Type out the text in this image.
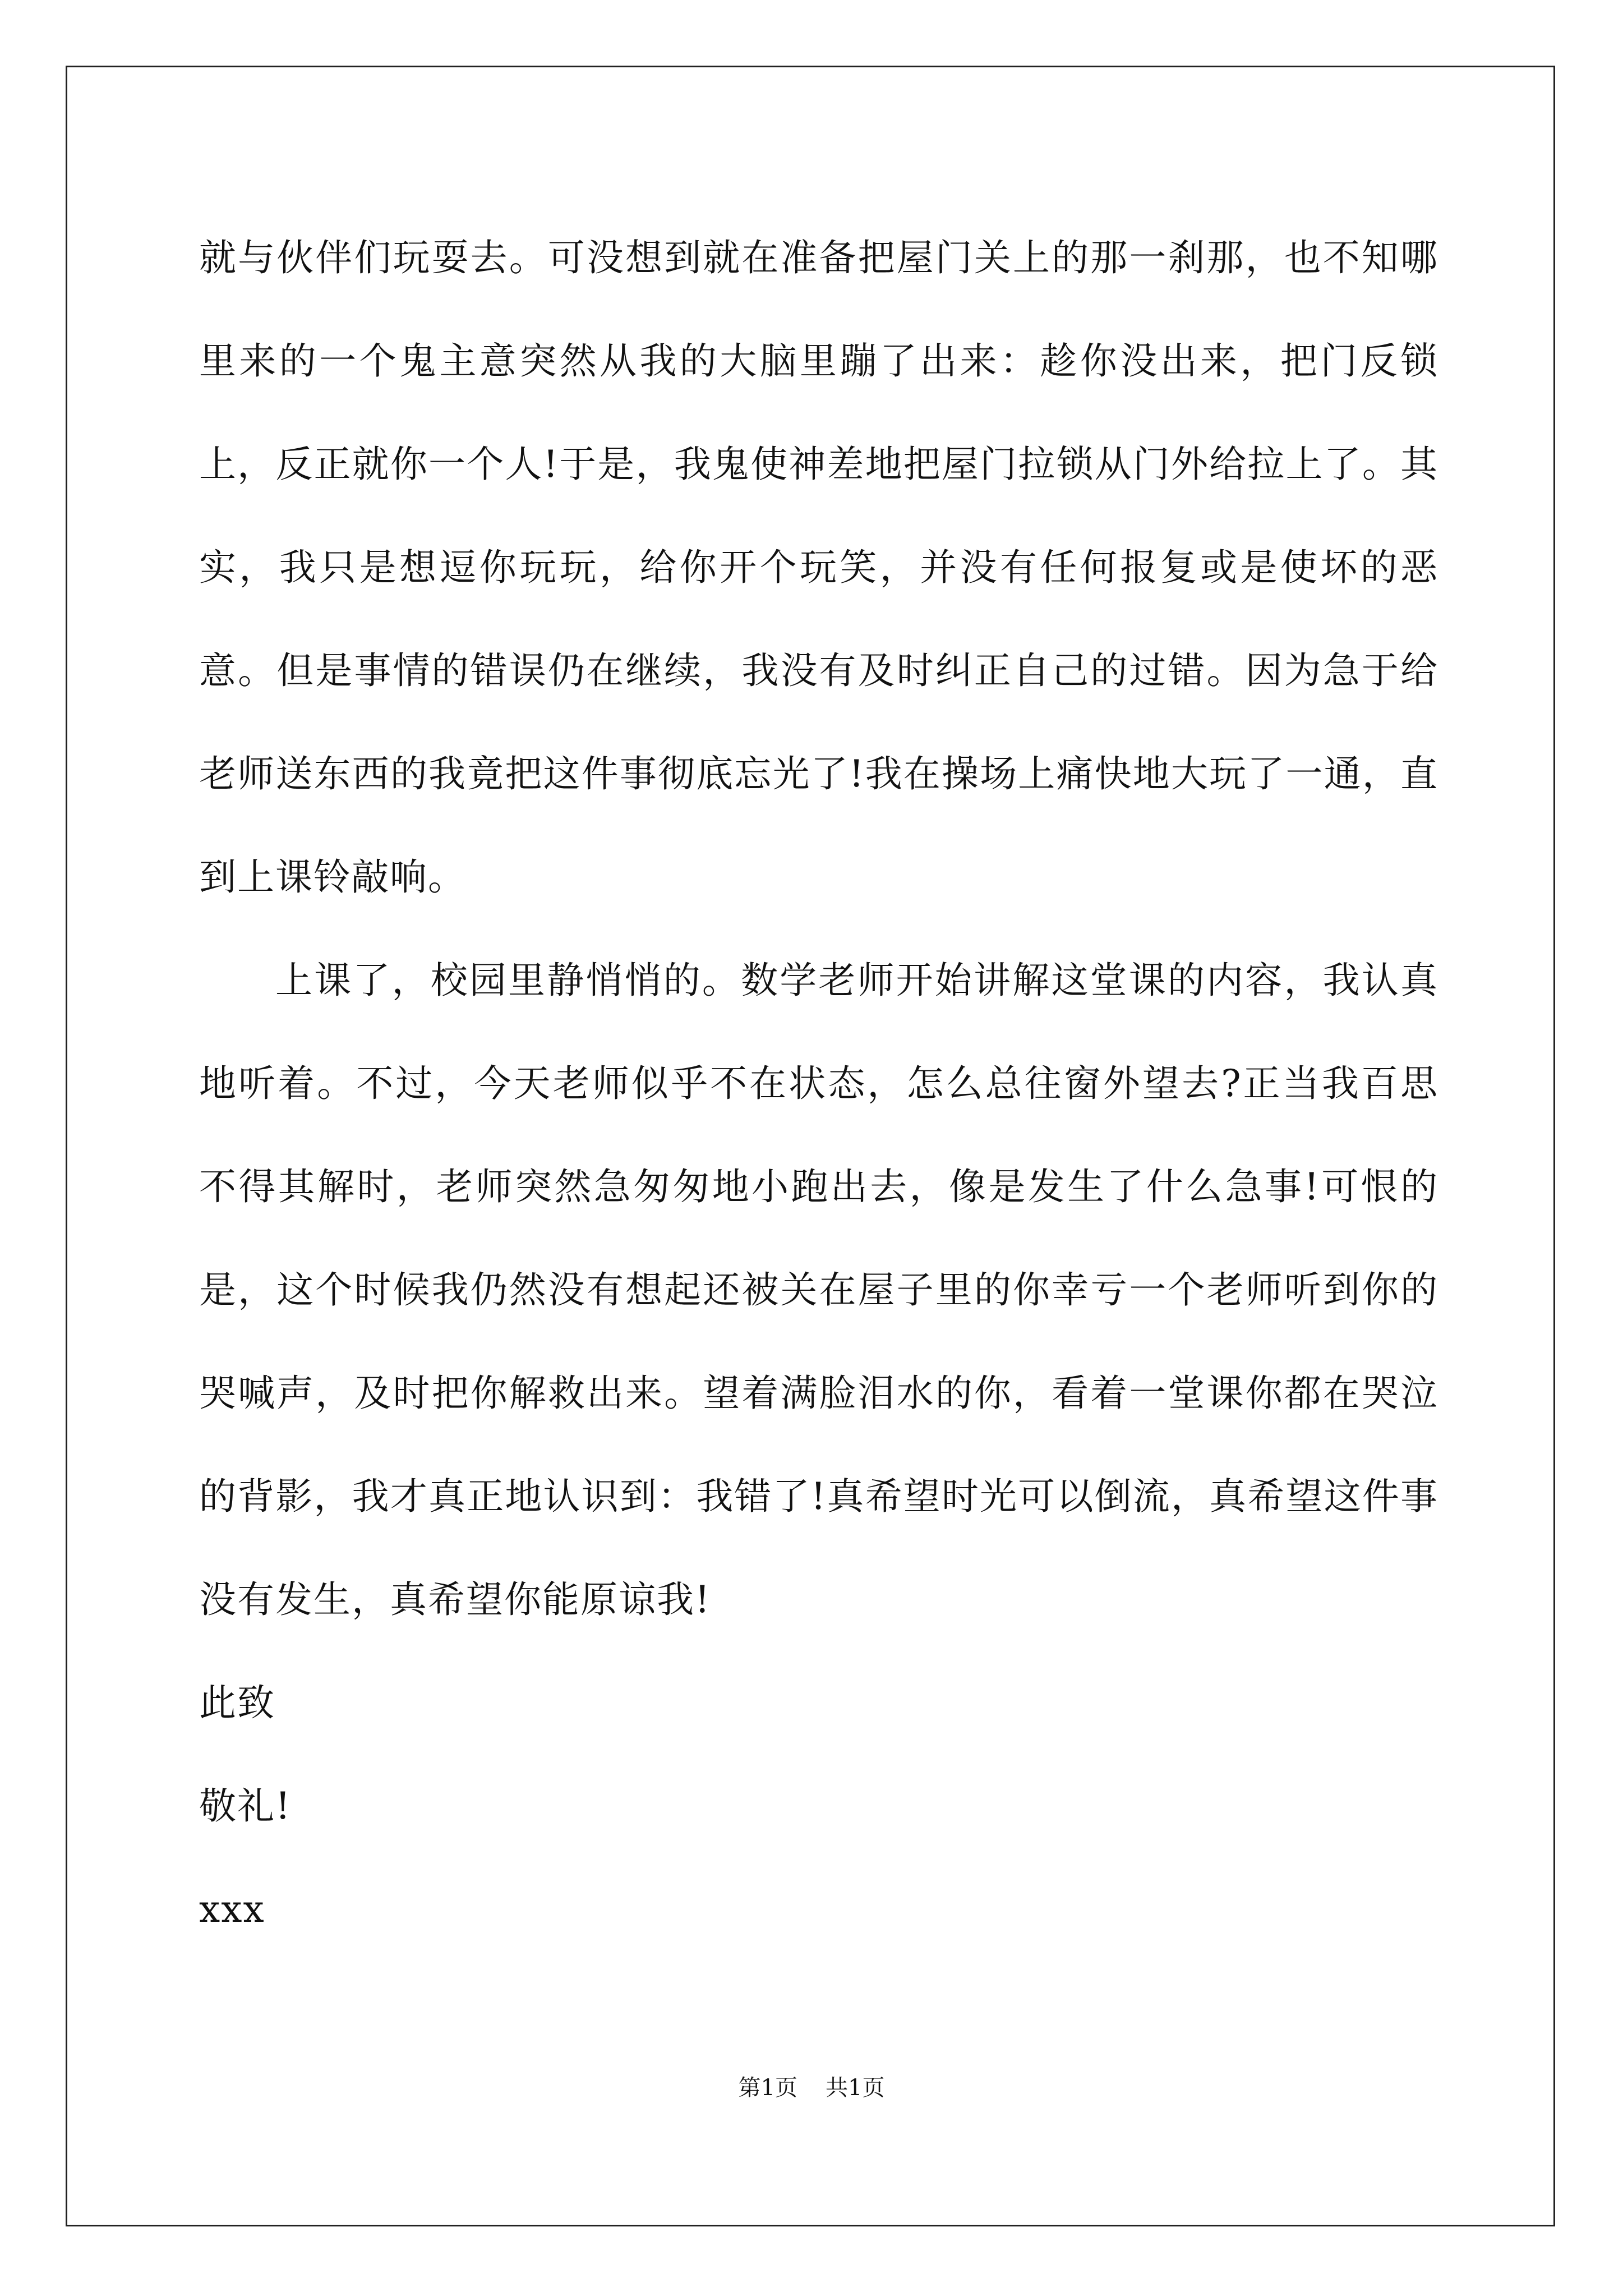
就与伙伴们玩耍去。可没想到就在准备把屋门关上的那一刹那，也不知哪里来的一个鬼主意突然从我的大脑里蹦了出来：趁你没出来，把门反锁上，反正就你一个人!于是，我鬼使神差地把屋门拉锁从门外给拉上了。其实，我只是想逗你玩玩，给你开个玩笑，并没有任何报复或是使坏的恶意。但是事情的错误仍在继续，我没有及时纠正自己的过错。因为急于给老师送东西的我竟把这件事彻底忘光了!我在操场上痛快地大玩了一通，直到上课铃敲响。

上课了，校园里静悄悄的。数学老师开始讲解这堂课的内容，我认真地听着。不过，今天老师似乎不在状态，怎么总往窗外望去?正当我百思不得其解时，老师突然急匆匆地小跑出去，像是发生了什么急事!可恨的是，这个时候我仍然没有想起还被关在屋子里的你幸亏一个老师听到你的哭喊声，及时把你解救出来。望着满脸泪水的你，看着一堂课你都在哭泣的背影，我才真正地认识到：我错了!真希望时光可以倒流，真希望这件事没有发生，真希望你能原谅我!

此致

敬礼!

xxx

第1页 共1页
